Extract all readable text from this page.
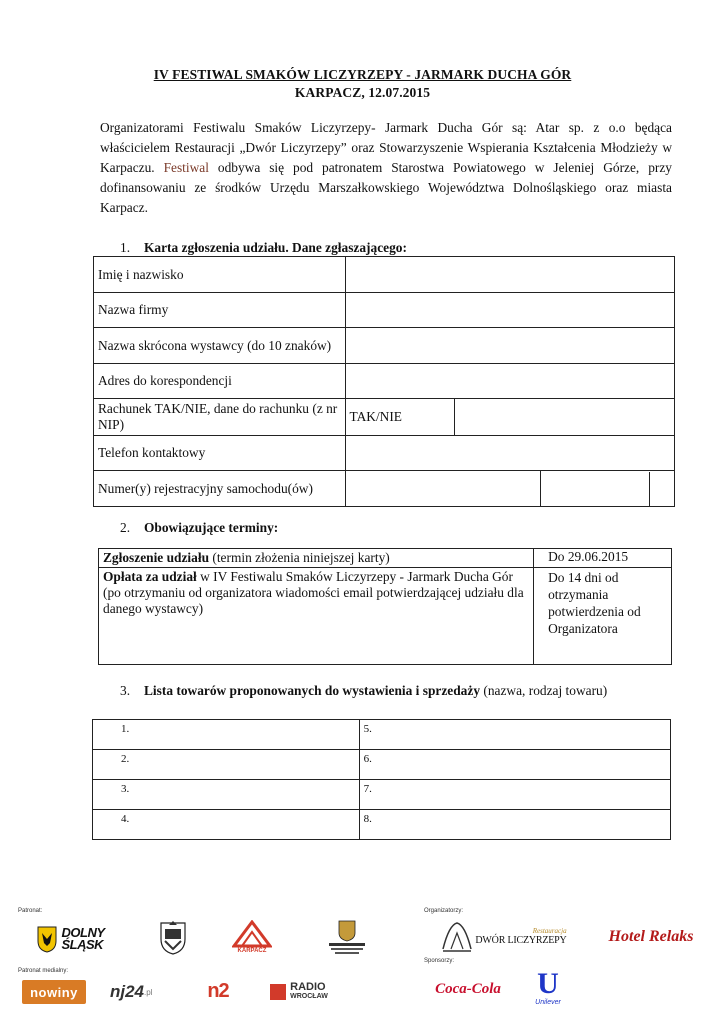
IV FESTIWAL SMAKÓW LICZYRZEPY - JARMARK DUCHA GÓR
KARPACZ, 12.07.2015

Organizatorami Festiwalu Smaków Liczyrzepy- Jarmark Ducha Gór są: Atar sp. z o.o będąca właścicielem Restauracji „Dwór Liczyrzepy” oraz Stowarzyszenie Wspierania Kształcenia Młodzieży w Karpaczu. Festiwal odbywa się pod patronatem Starostwa Powiatowego w Jeleniej Górze, przy dofinansowaniu ze środków Urzędu Marszałkowskiego Województwa Dolnośląskiego oraz miasta Karpacz.

1. Karta zgłoszenia udziału. Dane zgłaszającego:
Imię i nazwisko			
Nazwa firmy			
Nazwa skrócona wystawcy (do 10 znaków)			
Adres do korespondencji			
Rachunek TAK/NIE, dane do rachunku (z nr NIP)	TAK/NIE		
Telefon kontaktowy			
Numer(y) rejestracyjny samochodu(ów)			
2. Obowiązujące terminy:
Zgłoszenie udziału (termin złożenia niniejszej karty)	Do 29.06.2015
Opłata za udział w IV Festiwalu Smaków Liczyrzepy - Jarmark Ducha Gór (po otrzymaniu od organizatora wiadomości email potwierdzającej udziału dla danego wystawcy)	Do 14 dni od otrzymania potwierdzenia od Organizatora
3. Lista towarów proponowanych do wystawienia i sprzedaży (nazwa, rodzaj towaru)
1.	5.
2.	6.
3.	7.
4.	8.
Patronat:
Patronat medialny:
Organizatorzy:
Sponsorzy:
DOLNY
ŚLĄSK	KARPACZ
Restauracja
DWÓR LICZYRZEPY	Hotel Relaks
nowiny nj24 .pl	n2	RADIO
WROCŁAW	Coca-Cola U
Unilever
